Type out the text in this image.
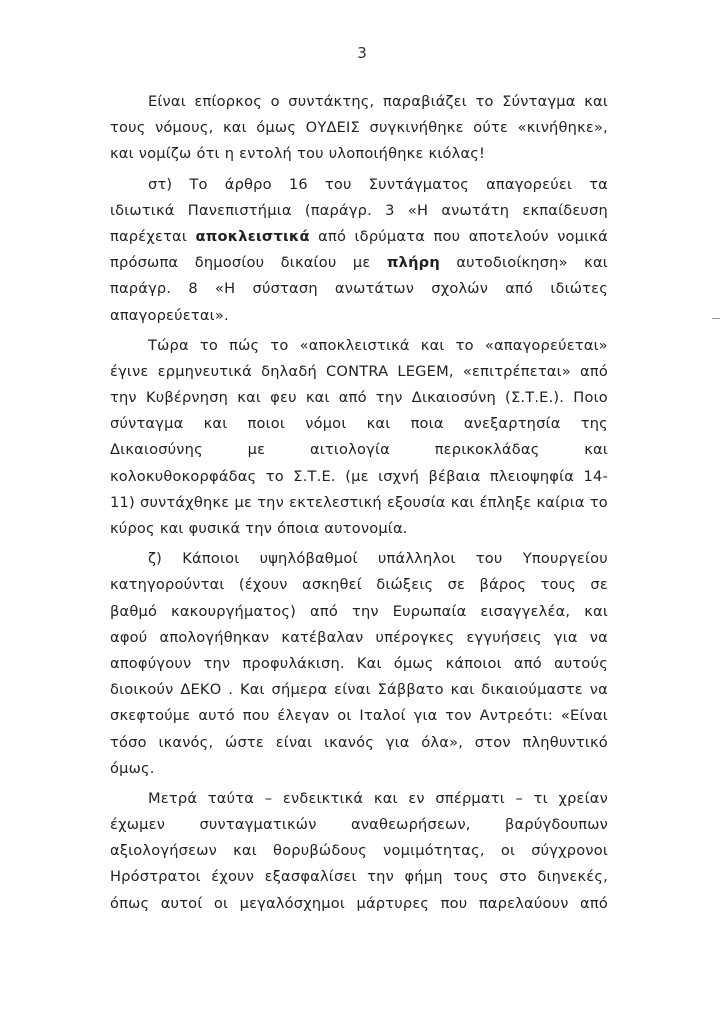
3
Είναι επίορκος ο συντάκτης, παραβιάζει το Σύνταγμα και
τους νόμους, και όμως ΟΥΔΕΙΣ συγκινήθηκε ούτε «κινήθηκε»,
και νομίζω ότι η εντολή του υλοποιήθηκε κιόλας!
στ) Το άρθρο 16 του Συντάγματος απαγορεύει τα
ιδιωτικά Πανεπιστήμια (παράγρ. 3 «Η ανωτάτη εκπαίδευση
παρέχεται αποκλειστικά από ιδρύματα που αποτελούν νομικά
πρόσωπα δημοσίου δικαίου με πλήρη αυτοδιοίκηση» και
παράγρ. 8 «Η σύσταση ανωτάτων σχολών από ιδιώτες
απαγορεύεται».
Τώρα το πώς το «αποκλειστικά και το «απαγορεύεται»
έγινε ερμηνευτικά δηλαδή CONTRA LEGEM, «επιτρέπεται» από
την Κυβέρνηση και φευ και από την Δικαιοσύνη (Σ.Τ.Ε.). Ποιο
σύνταγμα και ποιοι νόμοι και ποια ανεξαρτησία της
Δικαιοσύνης	με	αιτιολογία	περικοκλάδας	και
κολοκυθοκορφάδας το Σ.Τ.Ε. (με ισχνή βέβαια πλειοψηφία 14-
11) συντάχθηκε με την εκτελεστική εξουσία και έπληξε καίρια το
κύρος και φυσικά την όποια αυτονομία.
ζ) Κάποιοι υψηλόβαθμοί υπάλληλοι του Υπουργείου
κατηγορούνται (έχουν ασκηθεί διώξεις σε βάρος τους σε
βαθμό κακουργήματος) από την Ευρωπαία εισαγγελέα, και
αφού απολογήθηκαν κατέβαλαν υπέρογκες εγγυήσεις για να
αποφύγουν την προφυλάκιση. Και όμως κάποιοι από αυτούς
διοικούν ΔΕΚΟ . Και σήμερα είναι Σάββατο και δικαιούμαστε να
σκεφτούμε αυτό που έλεγαν οι Ιταλοί για τον Αντρεότι: «Είναι
τόσο ικανός, ώστε είναι ικανός για όλα», στον πληθυντικό
όμως.
Μετρά ταύτα – ενδεικτικά και εν σπέρματι – τι χρείαν
έχωμεν συνταγματικών αναθεωρήσεων, βαρύγδουπων
αξιολογήσεων και θορυβώδους νομιμότητας, οι σύγχρονοι
Ηρόστρατοι έχουν εξασφαλίσει την φήμη τους στο διηνεκές,
όπως αυτοί οι μεγαλόσχημοι μάρτυρες που παρελαύουν από
